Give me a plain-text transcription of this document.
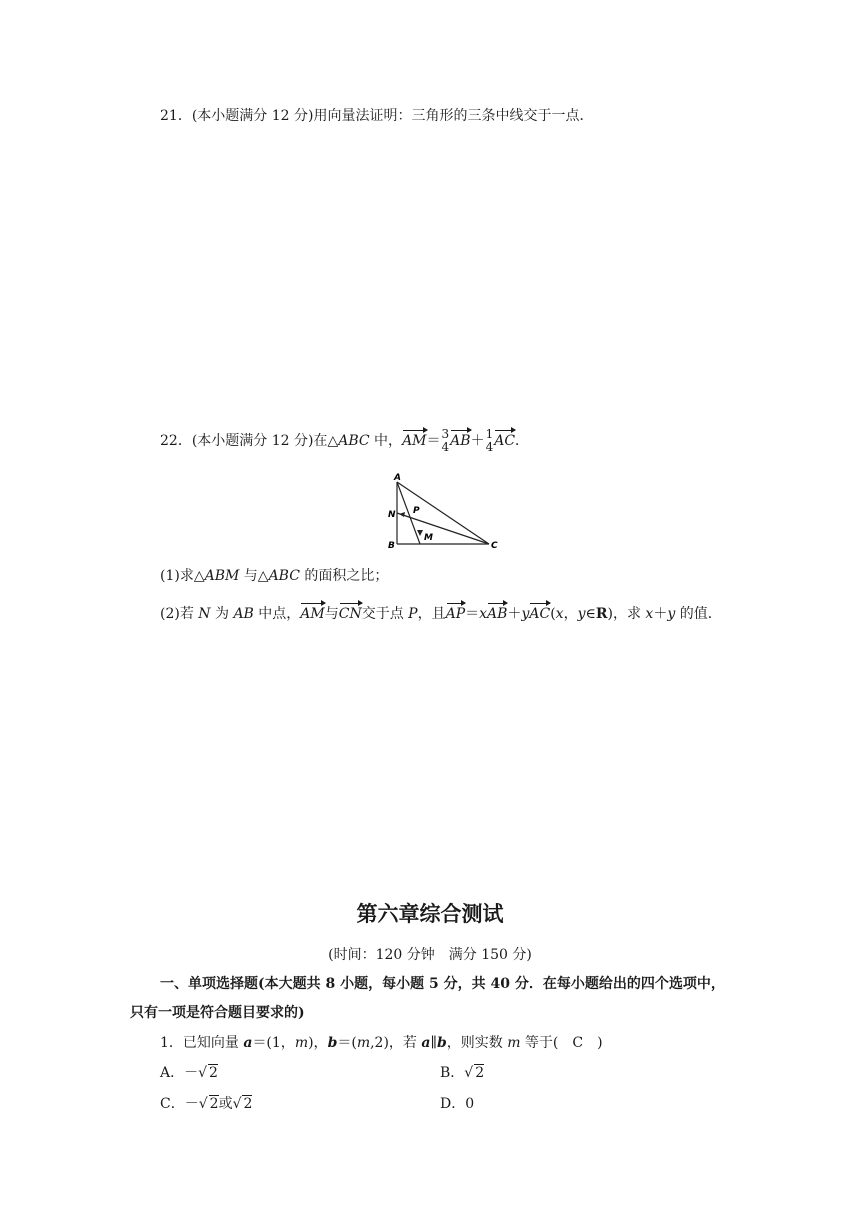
21．(本小题满分 12 分)用向量法证明：三角形的三条中线交于一点．
22．(本小题满分 12 分)在△ABC 中，AM＝ 3
4 AB＋ 1
4 AC．
A
N P
M
B	C
(1)求△ABM 与△ABC 的面积之比；
(2)若 N 为 AB 中点，AM与CN交于点 P，且AP＝xAB＋yAC(x，y∈R)，求 x＋y 的值．
第六章综合测试
(时间：120 分钟　满分 150 分)
一、单项选择题(本大题共 8 小题，每小题 5 分，共 40 分．在每小题给出的四个选项中，
只有一项是符合题目要求的)
1．已知向量 a＝(1，m)，b＝(m,2)，若 a∥b，则实数 m 等于(　C　)
A．－√ 2	B．√ 2
C．－√ 2或√ 2	D．0
